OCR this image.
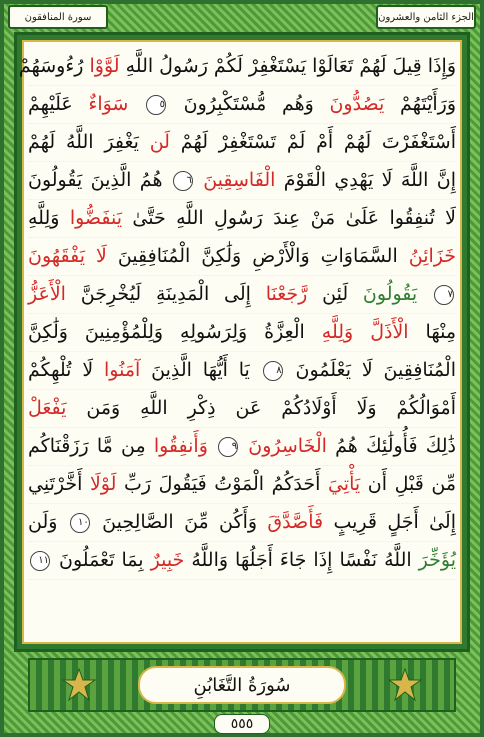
سورة المنافقون	الجزء الثامن والعشرون
وَإِذَا قِيلَ لَهُمْ تَعَالَوْا يَسْتَغْفِرْ لَكُمْ رَسُولُ اللَّهِ لَوَّوْا رُءُوسَهُمْ
وَرَأَيْتَهُمْ يَصُدُّونَ وَهُم مُّسْتَكْبِرُونَ ٥ سَوَاءٌ عَلَيْهِمْ
أَسْتَغْفَرْتَ لَهُمْ أَمْ لَمْ تَسْتَغْفِرْ لَهُمْ لَن يَغْفِرَ اللَّهُ لَهُمْ
إِنَّ اللَّهَ لَا يَهْدِي الْقَوْمَ الْفَاسِقِينَ ٦ هُمُ الَّذِينَ يَقُولُونَ
لَا تُنفِقُوا عَلَىٰ مَنْ عِندَ رَسُولِ اللَّهِ حَتَّىٰ يَنفَضُّوا وَلِلَّهِ
خَزَائِنُ السَّمَاوَاتِ وَالْأَرْضِ وَلَٰكِنَّ الْمُنَافِقِينَ لَا يَفْقَهُونَ
٧ يَقُولُونَ لَئِن رَّجَعْنَا إِلَى الْمَدِينَةِ لَيُخْرِجَنَّ الْأَعَزُّ
مِنْهَا الْأَذَلَّ وَلِلَّهِ الْعِزَّةُ وَلِرَسُولِهِ وَلِلْمُؤْمِنِينَ وَلَٰكِنَّ
الْمُنَافِقِينَ لَا يَعْلَمُونَ ٨ يَا أَيُّهَا الَّذِينَ آمَنُوا لَا تُلْهِكُمْ
أَمْوَالُكُمْ وَلَا أَوْلَادُكُمْ عَن ذِكْرِ اللَّهِ وَمَن يَفْعَلْ
ذَٰلِكَ فَأُولَٰئِكَ هُمُ الْخَاسِرُونَ ٩ وَأَنفِقُوا مِن مَّا رَزَقْنَاكُم
مِّن قَبْلِ أَن يَأْتِيَ أَحَدَكُمُ الْمَوْتُ فَيَقُولَ رَبِّ لَوْلَا أَخَّرْتَنِي
إِلَىٰ أَجَلٍ قَرِيبٍ فَأَصَّدَّقَ وَأَكُن مِّنَ الصَّالِحِينَ ١٠ وَلَن
يُؤَخِّرَ اللَّهُ نَفْسًا إِذَا جَاءَ أَجَلُهَا وَاللَّهُ خَبِيرٌ بِمَا تَعْمَلُونَ ١١
سُورَةُ التَّغَابُنِ
٥٥٥
